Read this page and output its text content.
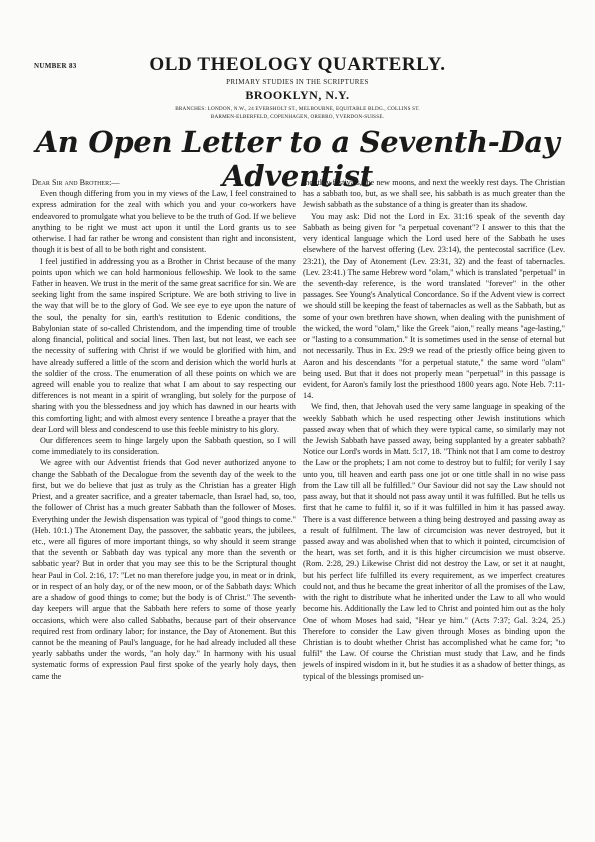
NUMBER 83	OLD THEOLOGY QUARTERLY.
PRIMARY STUDIES IN THE SCRIPTURES
BROOKLYN, N.Y.
BRANCHES: LONDON, N.W., 24 EVERSHOLT ST., MELBOURNE, EQUITABLE BLDG., COLLINS ST.
BARMEN-ELBERFELD, COPENHAGEN, OREBRO, YVERDON-SUISSE.
An Open Letter to a Seventh-Day Adventist

Dear Sir and Brother:—

Even though differing from you in my views of the Law, I feel constrained to express admiration for the zeal with which you and your co-workers have endeavored to promulgate what you believe to be the truth of God. If we believe anything to be right we must act upon it until the Lord grants us to see otherwise. I had far rather be wrong and consistent than right and inconsistent, though it is best of all to be both right and consistent.

I feel justified in addressing you as a Brother in Christ because of the many points upon which we can hold harmonious fellowship. We look to the same Father in heaven. We trust in the merit of the same great sacrifice for sin. We are seeking light from the same inspired Scripture. We are both striving to live in the way that will be to the glory of God. We see eye to eye upon the nature of the soul, the penalty for sin, earth's restitution to Edenic conditions, the Babylonian state of so-called Christendom, and the impending time of trouble along financial, political and social lines. Then last, but not least, we each see the necessity of suffering with Christ if we would be glorified with him, and have already suffered a little of the scorn and derision which the world hurls at the soldier of the cross. The enumeration of all these points on which we are agreed will enable you to realize that what I am about to say respecting our differences is not meant in a spirit of wrangling, but solely for the purpose of sharing with you the blessedness and joy which has dawned in our hearts with this comforting light; and with almost every sentence I breathe a prayer that the dear Lord will bless and condescend to use this feeble ministry to his glory.

Our differences seem to hinge largely upon the Sabbath question, so I will come immediately to its consideration.

We agree with our Adventist friends that God never authorized anyone to change the Sabbath of the Decalogue from the seventh day of the week to the first, but we do believe that just as truly as the Christian has a greater High Priest, and a greater sacrifice, and a greater tabernacle, than Israel had, so, too, the follower of Christ has a much greater Sabbath than the follower of Moses. Everything under the Jewish dispensation was typical of "good things to come." (Heb. 10:1.) The Atonement Day, the passover, the sabbatic years, the jubilees, etc., were all figures of more important things, so why should it seem strange that the seventh or Sabbath day was typical any more than the seventh or sabbatic year? But in order that you may see this to be the Scriptural thought hear Paul in Col. 2:16, 17: "Let no man therefore judge you, in meat or in drink, or in respect of an holy day, or of the new moon, or of the Sabbath days: Which are a shadow of good things to come; but the body is of Christ." The seventh-day keepers will argue that the Sabbath here refers to some of those yearly occasions, which were also called Sabbaths, because part of their observance required rest from ordinary labor; for instance, the Day of Atonement. But this cannot be the meaning of Paul's language, for he had already included all these yearly sabbaths under the words, "an holy day." In harmony with his usual systematic forms of expression Paul first spoke of the yearly holy days, then came the

monthly festivals, the new moons, and next the weekly rest days. The Christian has a sabbath too, but, as we shall see, his sabbath is as much greater than the Jewish sabbath as the substance of a thing is greater than its shadow.

You may ask: Did not the Lord in Ex. 31:16 speak of the seventh day Sabbath as being given for "a perpetual covenant"? I answer to this that the very identical language which the Lord used here of the Sabbath he uses elsewhere of the harvest offering (Lev. 23:14), the pentecostal sacrifice (Lev. 23:21), the Day of Atonement (Lev. 23:31, 32) and the feast of tabernacles. (Lev. 23:41.) The same Hebrew word "olam," which is translated "perpetual" in the seventh-day reference, is the word translated "forever" in the other passages. See Young's Analytical Concordance. So if the Advent view is correct we should still be keeping the feast of tabernacles as well as the Sabbath, but as some of your own brethren have shown, when dealing with the punishment of the wicked, the word "olam," like the Greek "aion," really means "age-lasting," or "lasting to a consummation." It is sometimes used in the sense of eternal but not necessarily. Thus in Ex. 29:9 we read of the priestly office being given to Aaron and his descendants "for a perpetual statute," the same word "olam" being used. But that it does not properly mean "perpetual" in this passage is evident, for Aaron's family lost the priesthood 1800 years ago. Note Heb. 7:11-14.

We find, then, that Jehovah used the very same language in speaking of the weekly Sabbath which he used respecting other Jewish institutions which passed away when that of which they were typical came, so similarly may not the Jewish Sabbath have passed away, being supplanted by a greater sabbath? Notice our Lord's words in Matt. 5:17, 18. "Think not that I am come to destroy the Law or the prophets; I am not come to destroy but to fulfil; for verily I say unto you, till heaven and earth pass one jot or one tittle shall in no wise pass from the Law till all be fulfilled." Our Saviour did not say the Law should not pass away, but that it should not pass away until it was fulfilled. But he tells us first that he came to fulfil it, so if it was fulfilled in him it has passed away. There is a vast difference between a thing being destroyed and passing away as a result of fulfilment. The law of circumcision was never destroyed, but it passed away and was abolished when that to which it pointed, circumcision of the heart, was set forth, and it is this higher circumcision we must observe. (Rom. 2:28, 29.) Likewise Christ did not destroy the Law, or set it at naught, but his perfect life fulfilled its every requirement, as we imperfect creatures could not, and thus he became the great inheritor of all the promises of the Law, with the right to distribute what he inherited under the Law to all who would become his. Additionally the Law led to Christ and pointed him out as the holy One of whom Moses had said, "Hear ye him." (Acts 7:37; Gal. 3:24, 25.) Therefore to consider the Law given through Moses as binding upon the Christian is to doubt whether Christ has accomplished what he came for; "to fulfil" the Law. Of course the Christian must study that Law, and he finds jewels of inspired wisdom in it, but he studies it as a shadow of better things, as typical of the blessings promised un-
